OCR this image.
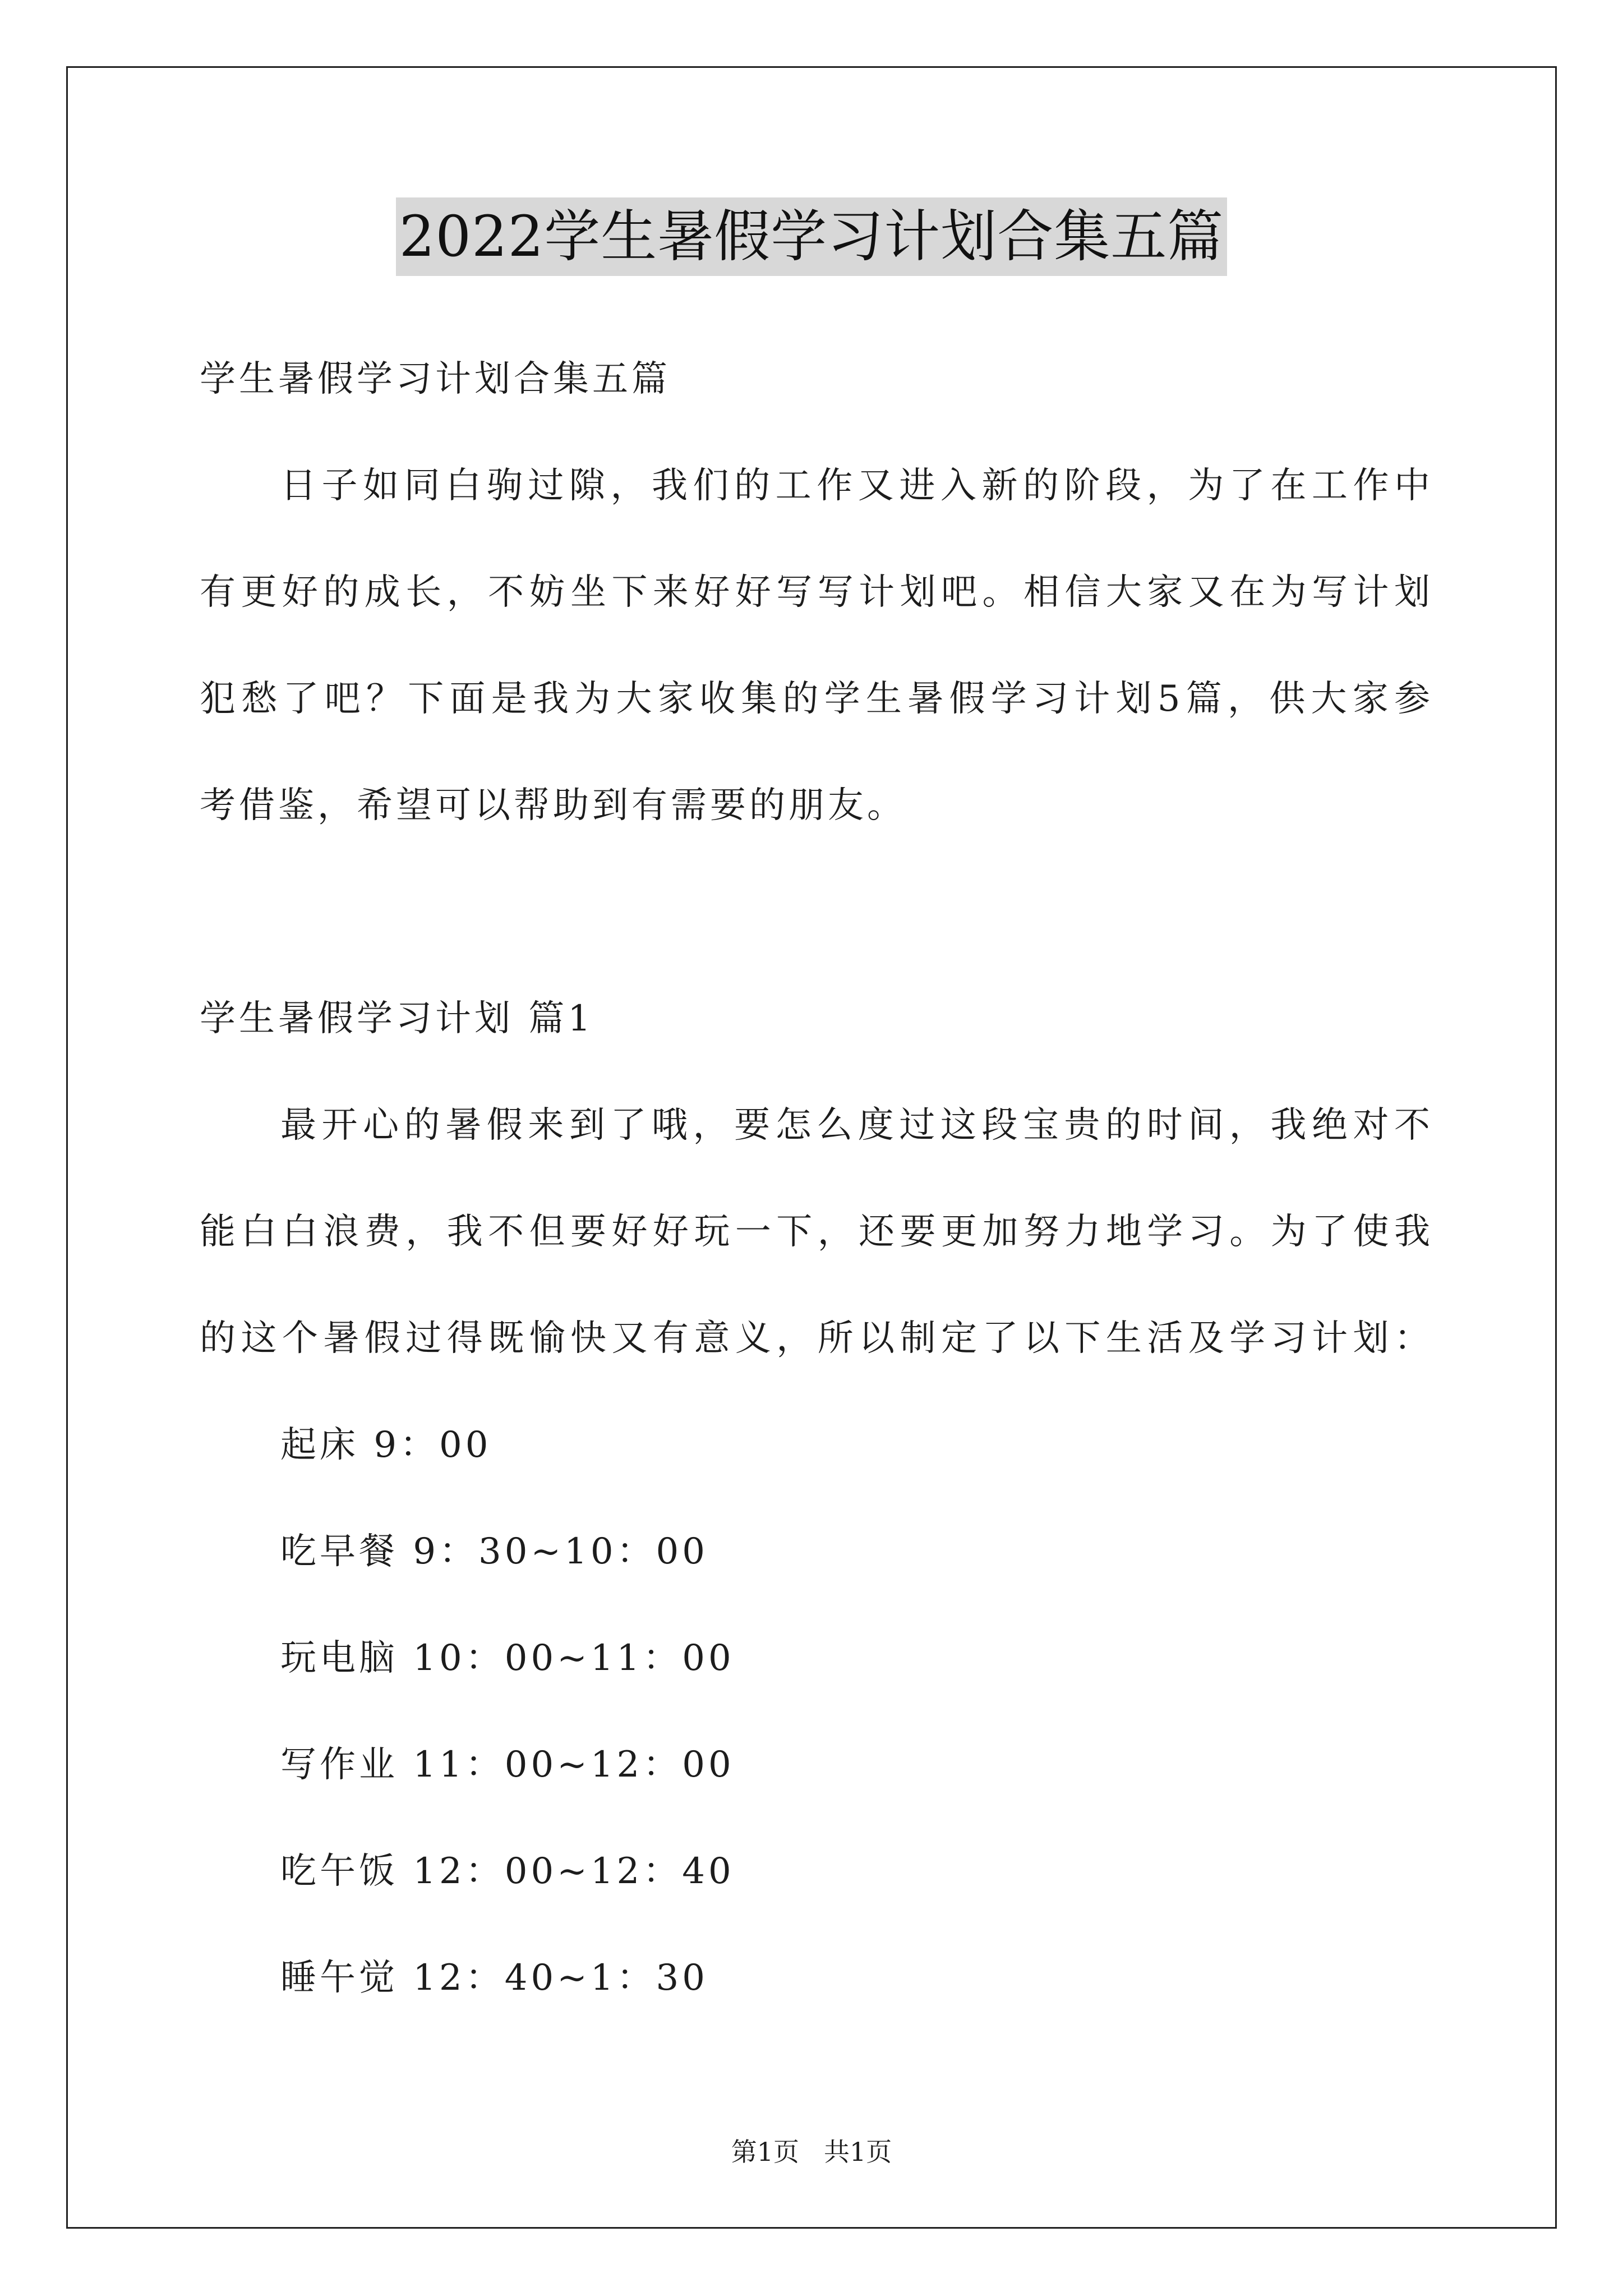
2022学生暑假学习计划合集五篇
学生暑假学习计划合集五篇
日子如同白驹过隙，我们的工作又进入新的阶段，为了在工作中
有更好的成长，不妨坐下来好好写写计划吧。相信大家又在为写计划
犯愁了吧？下面是我为大家收集的学生暑假学习计划5篇，供大家参
考借鉴，希望可以帮助到有需要的朋友。
学生暑假学习计划 篇1
最开心的暑假来到了哦，要怎么度过这段宝贵的时间，我绝对不
能白白浪费，我不但要好好玩一下，还要更加努力地学习。为了使我
的这个暑假过得既愉快又有意义，所以制定了以下生活及学习计划：
起床 9：00
吃早餐 9：30~10：00
玩电脑 10：00~11：00
写作业 11：00~12：00
吃午饭 12：00~12：40
睡午觉 12：40~1：30
第1页 共1页
